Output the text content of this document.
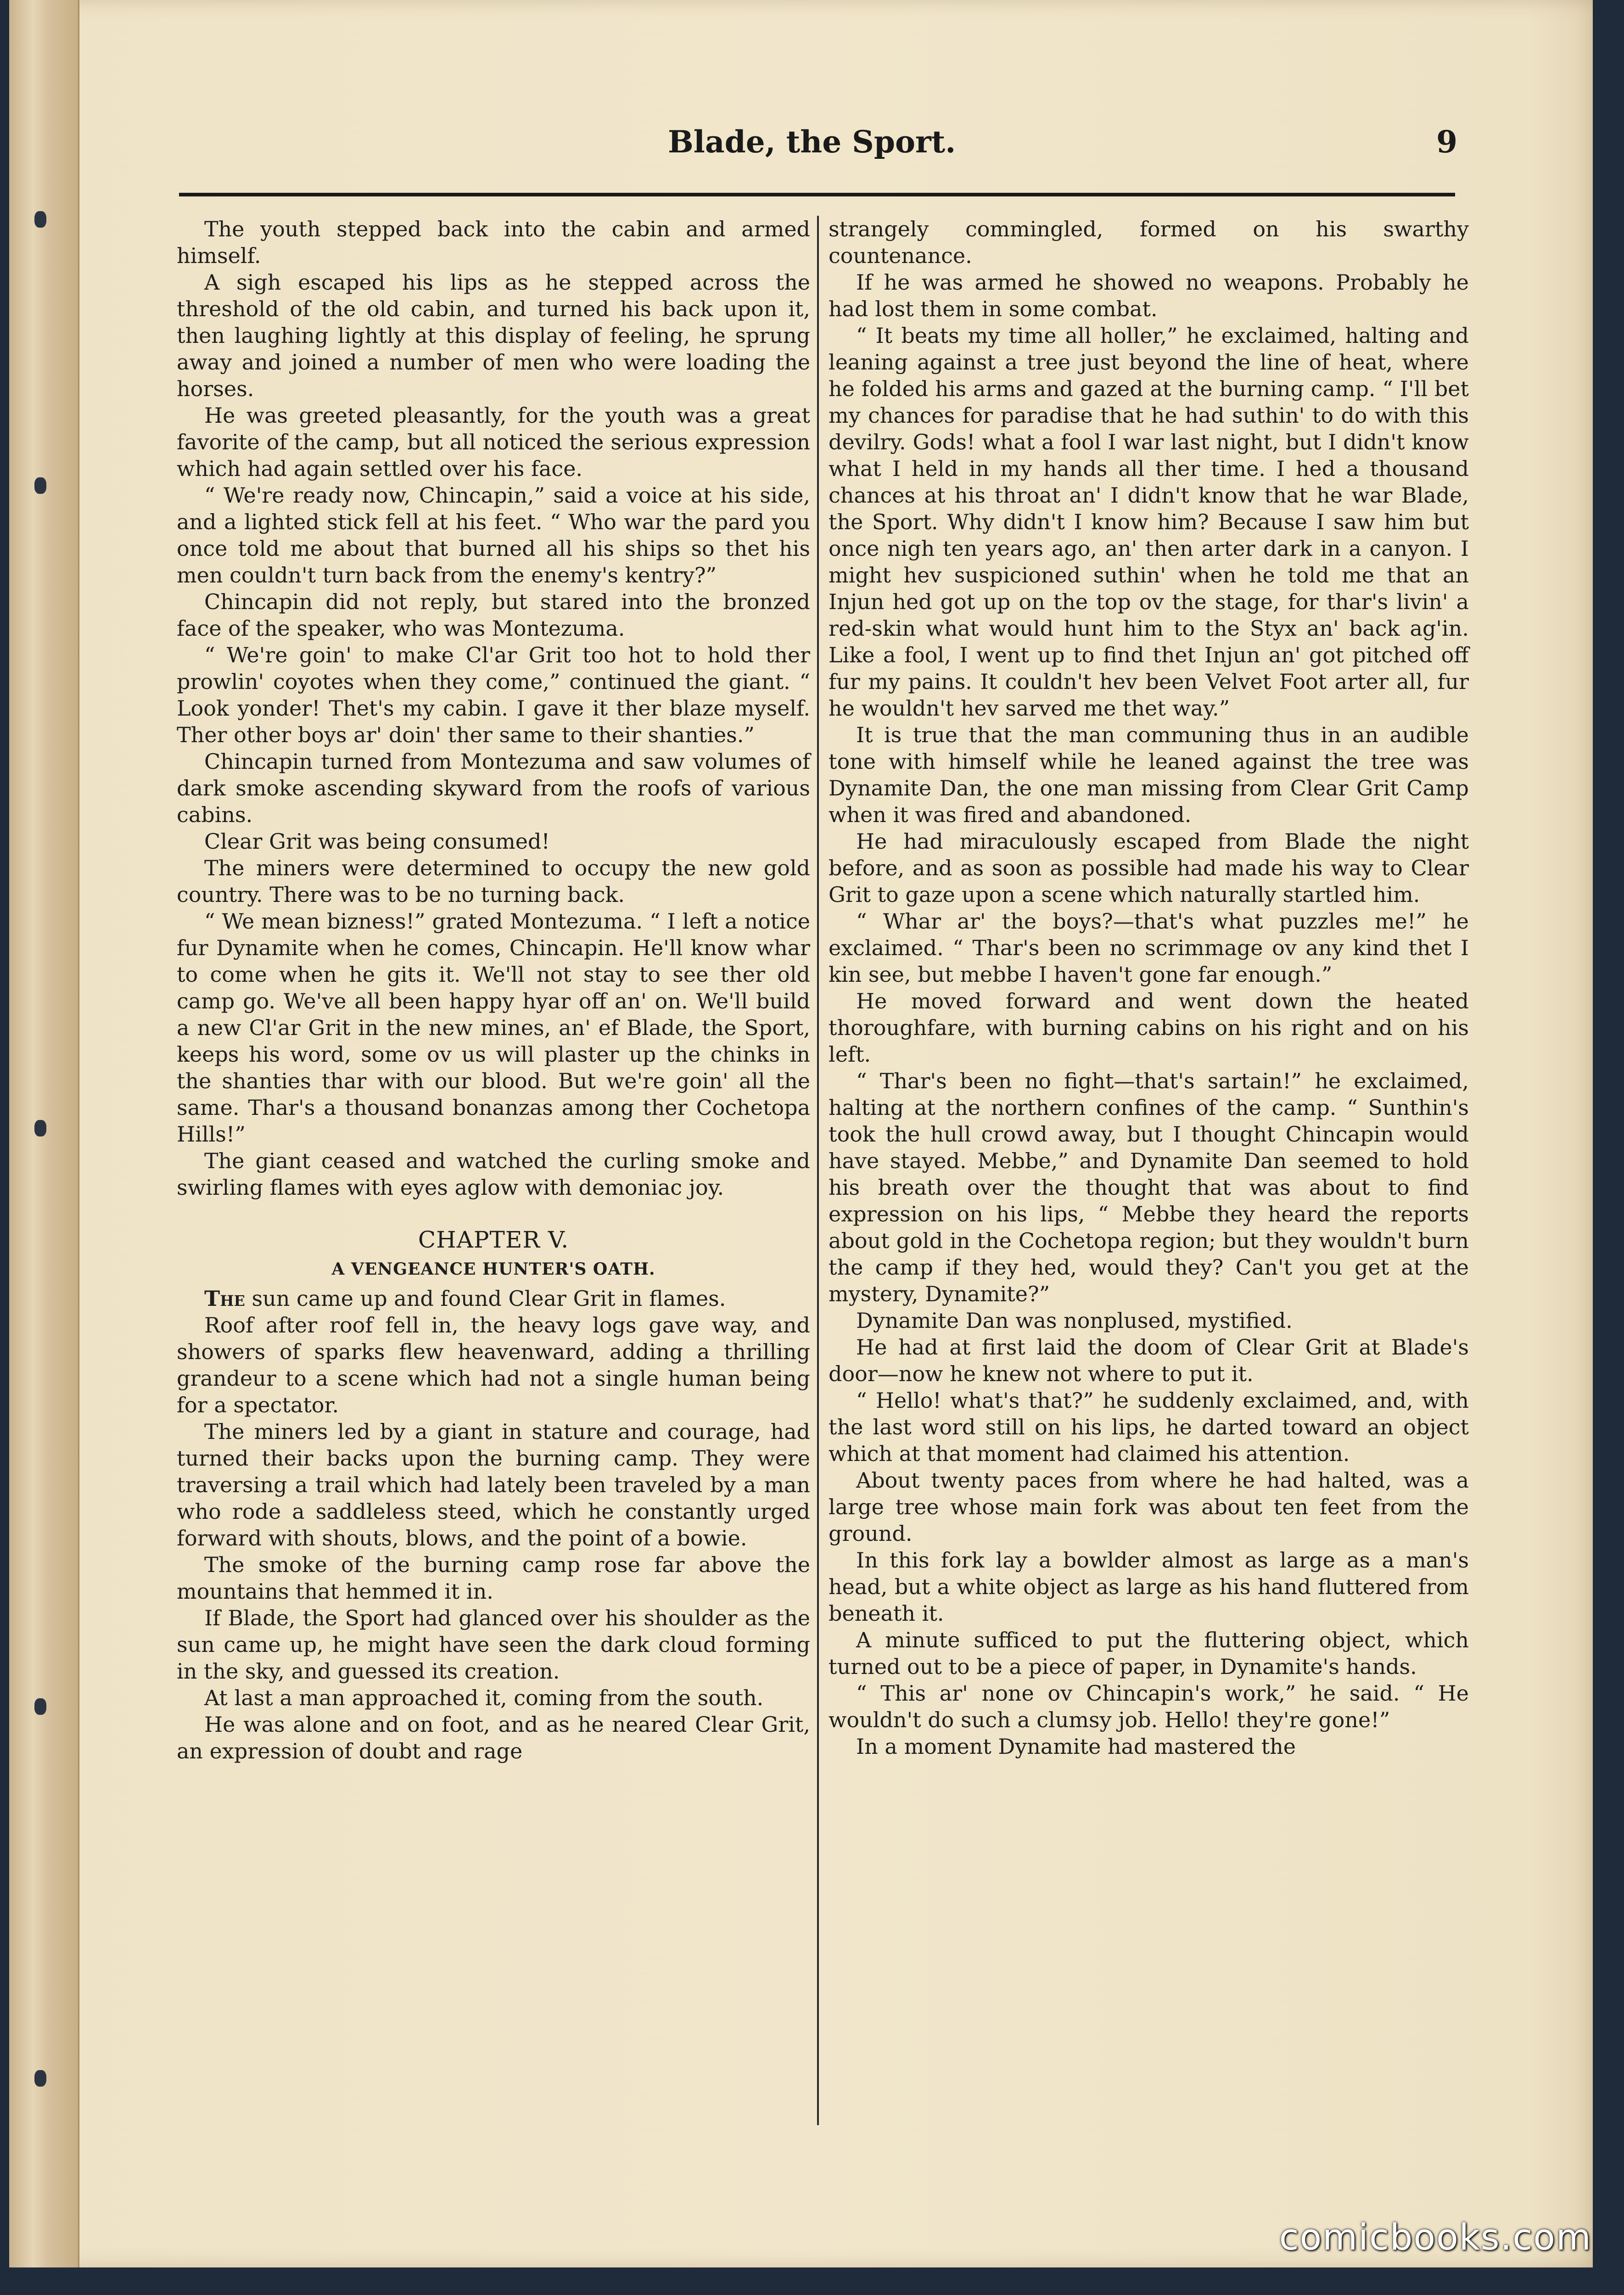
Blade, the Sport.	9

The youth stepped back into the cabin and armed himself.

A sigh escaped his lips as he stepped across the threshold of the old cabin, and turned his back upon it, then laughing lightly at this display of feeling, he sprung away and joined a number of men who were loading the horses.

He was greeted pleasantly, for the youth was a great favorite of the camp, but all noticed the serious expression which had again settled over his face.

“ We're ready now, Chincapin,” said a voice at his side, and a lighted stick fell at his feet. “ Who war the pard you once told me about that burned all his ships so thet his men couldn't turn back from the enemy's kentry?”

Chincapin did not reply, but stared into the bronzed face of the speaker, who was Montezuma.

“ We're goin' to make Cl'ar Grit too hot to hold ther prowlin' coyotes when they come,” continued the giant. “ Look yonder! Thet's my cabin. I gave it ther blaze myself. Ther other boys ar' doin' ther same to their shanties.”

Chincapin turned from Montezuma and saw volumes of dark smoke ascending skyward from the roofs of various cabins.

Clear Grit was being consumed!

The miners were determined to occupy the new gold country. There was to be no turning back.

“ We mean bizness!” grated Montezuma. “ I left a notice fur Dynamite when he comes, Chincapin. He'll know whar to come when he gits it. We'll not stay to see ther old camp go. We've all been happy hyar off an' on. We'll build a new Cl'ar Grit in the new mines, an' ef Blade, the Sport, keeps his word, some ov us will plaster up the chinks in the shanties thar with our blood. But we're goin' all the same. Thar's a thousand bonanzas among ther Cochetopa Hills!”

The giant ceased and watched the curling smoke and swirling flames with eyes aglow with demoniac joy.

CHAPTER V.
A VENGEANCE HUNTER'S OATH.

The sun came up and found Clear Grit in flames.

Roof after roof fell in, the heavy logs gave way, and showers of sparks flew heavenward, adding a thrilling grandeur to a scene which had not a single human being for a spectator.

The miners led by a giant in stature and courage, had turned their backs upon the burning camp. They were traversing a trail which had lately been traveled by a man who rode a saddleless steed, which he constantly urged forward with shouts, blows, and the point of a bowie.

The smoke of the burning camp rose far above the mountains that hemmed it in.

If Blade, the Sport had glanced over his shoulder as the sun came up, he might have seen the dark cloud forming in the sky, and guessed its creation.

At last a man approached it, coming from the south.

He was alone and on foot, and as he neared Clear Grit, an expression of doubt and rage

strangely commingled, formed on his swarthy countenance.

If he was armed he showed no weapons. Probably he had lost them in some combat.

“ It beats my time all holler,” he exclaimed, halting and leaning against a tree just beyond the line of heat, where he folded his arms and gazed at the burning camp. “ I'll bet my chances for paradise that he had suthin' to do with this devilry. Gods! what a fool I war last night, but I didn't know what I held in my hands all ther time. I hed a thousand chances at his throat an' I didn't know that he war Blade, the Sport. Why didn't I know him? Because I saw him but once nigh ten years ago, an' then arter dark in a canyon. I might hev suspicioned suthin' when he told me that an Injun hed got up on the top ov the stage, for thar's livin' a red-skin what would hunt him to the Styx an' back ag'in. Like a fool, I went up to find thet Injun an' got pitched off fur my pains. It couldn't hev been Velvet Foot arter all, fur he wouldn't hev sarved me thet way.”

It is true that the man communing thus in an audible tone with himself while he leaned against the tree was Dynamite Dan, the one man missing from Clear Grit Camp when it was fired and abandoned.

He had miraculously escaped from Blade the night before, and as soon as possible had made his way to Clear Grit to gaze upon a scene which naturally startled him.

“ Whar ar' the boys?—that's what puzzles me!” he exclaimed. “ Thar's been no scrimmage ov any kind thet I kin see, but mebbe I haven't gone far enough.”

He moved forward and went down the heated thoroughfare, with burning cabins on his right and on his left.

“ Thar's been no fight—that's sartain!” he exclaimed, halting at the northern confines of the camp. “ Sunthin's took the hull crowd away, but I thought Chincapin would have stayed. Mebbe,” and Dynamite Dan seemed to hold his breath over the thought that was about to find expression on his lips, “ Mebbe they heard the reports about gold in the Cochetopa region; but they wouldn't burn the camp if they hed, would they? Can't you get at the mystery, Dynamite?”

Dynamite Dan was nonplused, mystified.

He had at first laid the doom of Clear Grit at Blade's door—now he knew not where to put it.

“ Hello! what's that?” he suddenly exclaimed, and, with the last word still on his lips, he darted toward an object which at that moment had claimed his attention.

About twenty paces from where he had halted, was a large tree whose main fork was about ten feet from the ground.

In this fork lay a bowlder almost as large as a man's head, but a white object as large as his hand fluttered from beneath it.

A minute sufficed to put the fluttering object, which turned out to be a piece of paper, in Dynamite's hands.

“ This ar' none ov Chincapin's work,” he said. “ He wouldn't do such a clumsy job. Hello! they're gone!”

In a moment Dynamite had mastered the

comicbooks.com
